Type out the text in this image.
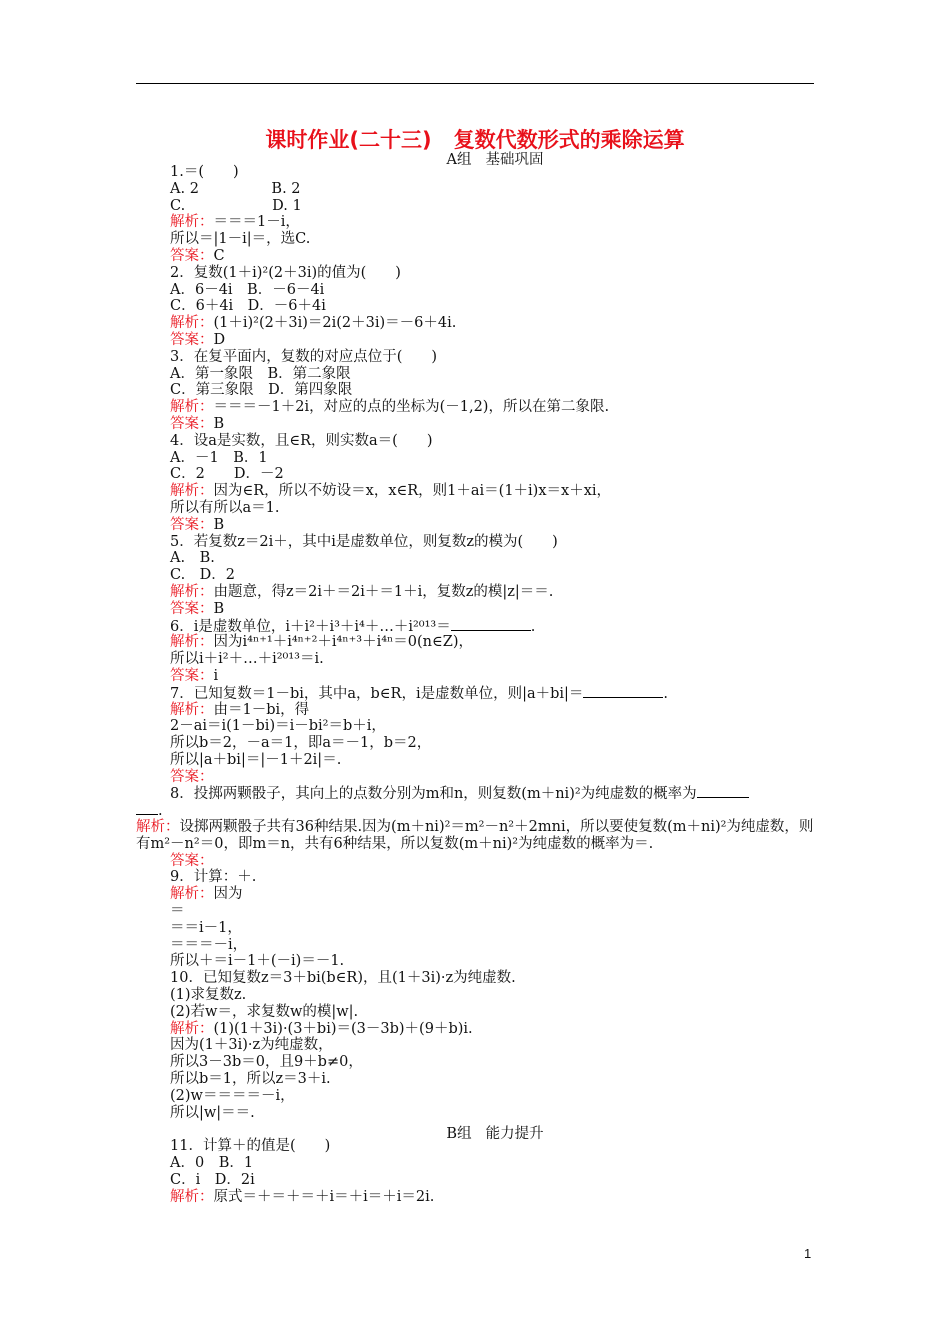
课时作业(二十三) 复数代数形式的乘除运算
A组 基础巩固
B组 能力提升
1.＝(　　)
A. 2　　　　　B. 2
C.　　　　　　D. 1
解析：＝＝＝1－i，
所以＝|1－i|＝，选C.
答案：C
2．复数(1＋i)²(2＋3i)的值为(　　)
A．6－4i　B．－6－4i
C．6＋4i　D．－6＋4i
解析：(1＋i)²(2＋3i)＝2i(2＋3i)＝－6＋4i.
答案：D
3．在复平面内，复数的对应点位于(　　)
A．第一象限　B．第二象限
C．第三象限　D．第四象限
解析：＝＝＝－1＋2i，对应的点的坐标为(－1,2)，所以在第二象限.
答案：B
4．设a是实数，且∈R，则实数a＝(　　)
A．－1　B．1
C．2　　D．－2
解析：因为∈R，所以不妨设＝x，x∈R，则1＋ai＝(1＋i)x＝x＋xi，
所以有所以a＝1.
答案：B
5．若复数z＝2i＋，其中i是虚数单位，则复数z的模为(　　)
A.　B.
C.　D．2
解析：由题意，得z＝2i＋＝2i＋＝1＋i，复数z的模|z|＝＝.
答案：B
6．i是虚数单位，i＋i²＋i³＋i⁴＋…＋i²⁰¹³＝	.
解析：因为i⁴ⁿ⁺¹＋i⁴ⁿ⁺²＋i⁴ⁿ⁺³＋i⁴ⁿ＝0(n∈Z)，
所以i＋i²＋…＋i²⁰¹³＝i.
答案：i
7．已知复数＝1－bi，其中a，b∈R，i是虚数单位，则|a＋bi|＝	.
解析：由＝1－bi，得
2－ai＝i(1－bi)＝i－bi²＝b＋i，
所以b＝2，－a＝1，即a＝－1，b＝2，
所以|a＋bi|＝|－1＋2i|＝.
答案：
8．投掷两颗骰子，其向上的点数分别为m和n，则复数(m＋ni)²为纯虚数的概率为
.
解析：设掷两颗骰子共有36种结果.因为(m＋ni)²＝m²－n²＋2mni，所以要使复数(m＋ni)²为纯虚数，则有m²－n²＝0，即m＝n，共有6种结果，所以复数(m＋ni)²为纯虚数的概率为＝.
答案：
9．计算：＋.
解析：因为
＝
＝＝i－1，
＝＝＝－i，
所以＋＝i－1＋(－i)＝－1.
10．已知复数z＝3＋bi(b∈R)，且(1＋3i)·z为纯虚数.
(1)求复数z.
(2)若w＝，求复数w的模|w|.
解析：(1)(1＋3i)·(3＋bi)＝(3－3b)＋(9＋b)i.
因为(1＋3i)·z为纯虚数，
所以3－3b＝0，且9＋b≠0，
所以b＝1，所以z＝3＋i.
(2)w＝＝＝＝－i，
所以|w|＝＝.
11．计算＋的值是(　　)
A．0　B．1
C．i　D．2i
解析：原式＝＋＝＋＝＋i＝＋i＝＋i＝2i.
1
